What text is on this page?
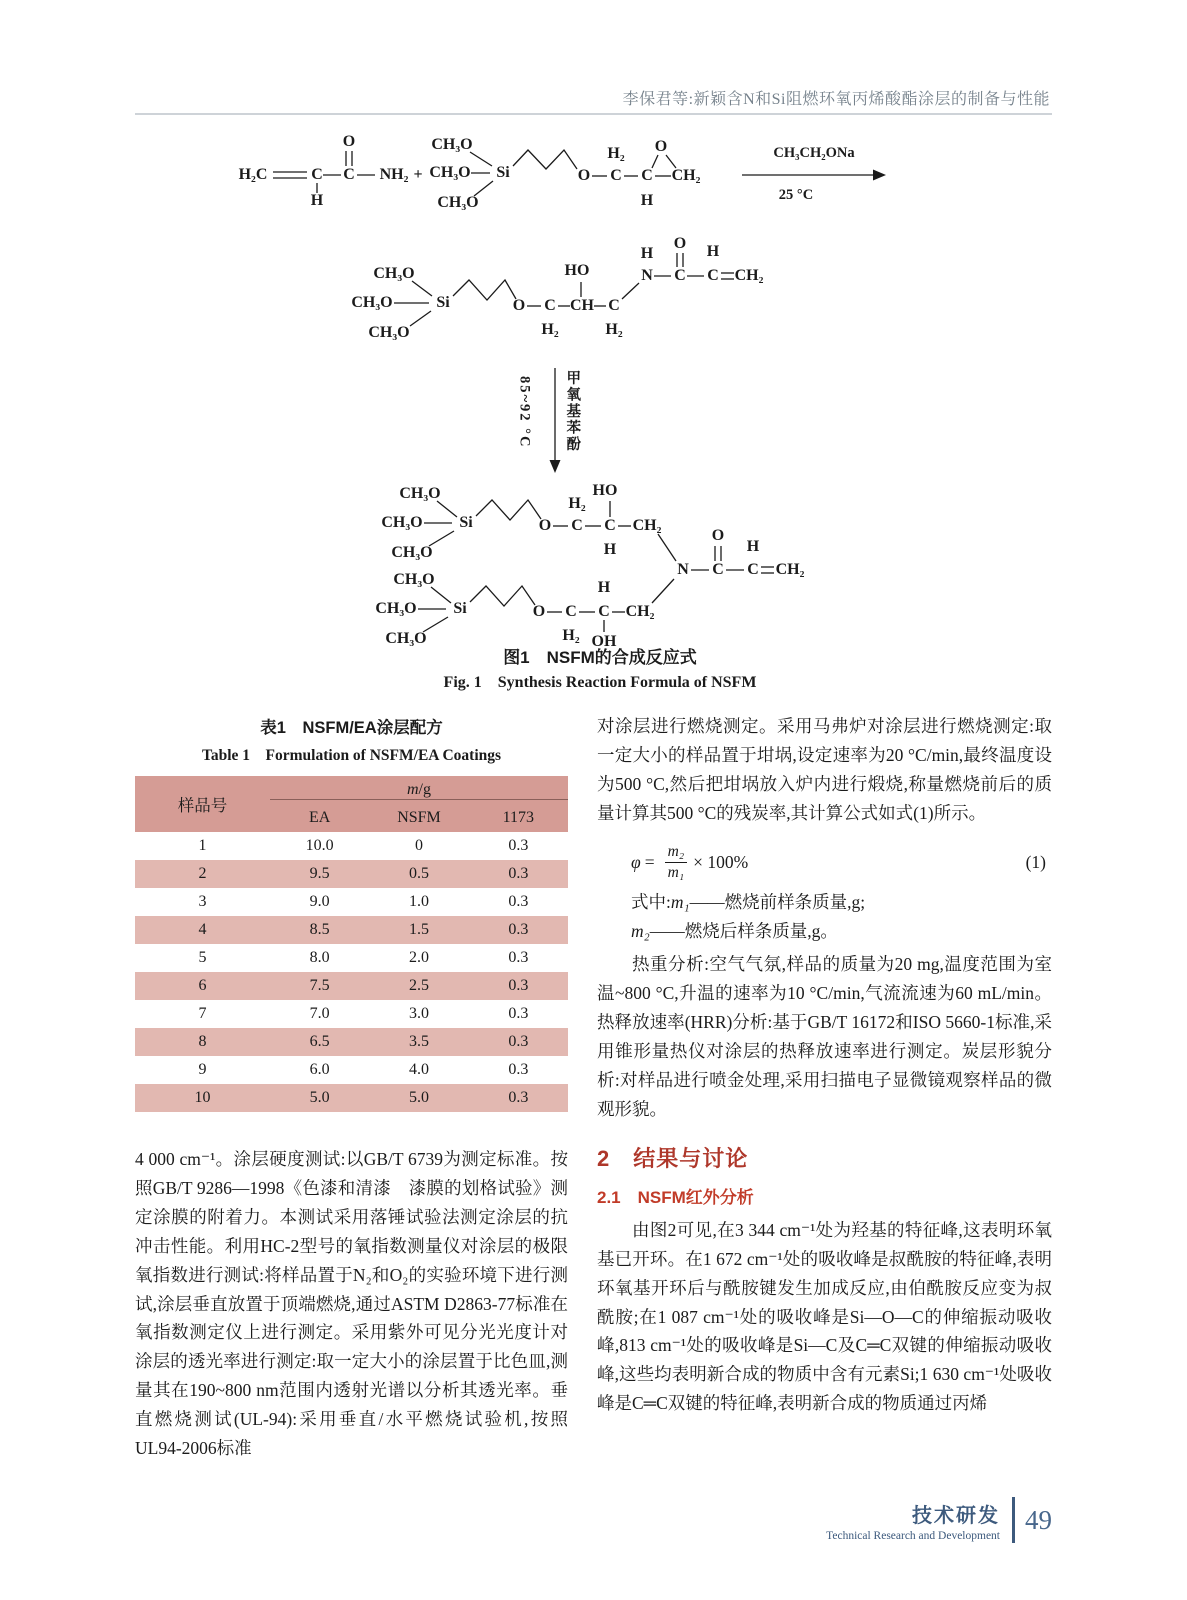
李保君等:新颖含N和Si阻燃环氧丙烯酸酯涂层的制备与性能
图1　NSFM的合成反应式
Fig. 1　Synthesis Reaction Formula of NSFM
H₂C	C C NH₂
O
H
+
CH₃O
CH₃O
CH₃O
Si	O C
H₂
C
H
CH₂
O	CH₃CH₂ONa
25 °C
CH₃O
CH₃O
CH₃O
Si	O C
H₂
CH
HO
C
H₂
N
H
C
O
C
H
CH₂
甲氧基苯酚
85~92 °C
CH₃O
CH₃O
CH₃O
Si	O C
H₂
C
H
HO
CH₂
CH₃O
CH₃O
CH₃O
Si	O C
H₂
C
H
OH
CH₂
N C
O
C
H
CH₂
表1　NSFM/EA涂层配方
Table 1　Formulation of NSFM/EA Coatings
样品号	m/g		
	EA	NSFM	1173
1	10.0	0	0.3
2	9.5	0.5	0.3
3	9.0	1.0	0.3
4	8.5	1.5	0.3
5	8.0	2.0	0.3
6	7.5	2.5	0.3
7	7.0	3.0	0.3
8	6.5	3.5	0.3
9	6.0	4.0	0.3
10	5.0	5.0	0.3

4 000 cm⁻¹。涂层硬度测试:以GB/T 6739为测定标准。按照GB/T 9286—1998《色漆和清漆　漆膜的划格试验》测定涂膜的附着力。本测试采用落锤试验法测定涂层的抗冲击性能。利用HC-2型号的氧指数测量仪对涂层的极限氧指数进行测试:将样品置于N₂和O₂的实验环境下进行测试,涂层垂直放置于顶端燃烧,通过ASTM D2863-77标准在氧指数测定仪上进行测定。采用紫外可见分光光度计对涂层的透光率进行测定:取一定大小的涂层置于比色皿,测量其在190~800 nm范围内透射光谱以分析其透光率。垂直燃烧测试(UL-94):采用垂直/水平燃烧试验机,按照UL94-2006标准

对涂层进行燃烧测定。采用马弗炉对涂层进行燃烧测定:取一定大小的样品置于坩埚,设定速率为20 °C/min,最终温度设为500 °C,然后把坩埚放入炉内进行煅烧,称量燃烧前后的质量计算其500 °C的残炭率,其计算公式如式(1)所示。

$\varphi = \frac{\text{m₂}}{\text{m₁}} \times 100\%$	(1)
式中:m₁——燃烧前样条质量,g;
m₂——燃烧后样条质量,g。

热重分析:空气气氛,样品的质量为20 mg,温度范围为室温~800 °C,升温的速率为10 °C/min,气流流速为60 mL/min。热释放速率(HRR)分析:基于GB/T 16172和ISO 5660-1标准,采用锥形量热仪对涂层的热释放速率进行测定。炭层形貌分析:对样品进行喷金处理,采用扫描电子显微镜观察样品的微观形貌。

2　结果与讨论
2.1　NSFM红外分析

由图2可见,在3 344 cm⁻¹处为羟基的特征峰,这表明环氧基已开环。在1 672 cm⁻¹处的吸收峰是叔酰胺的特征峰,表明环氧基开环后与酰胺键发生加成反应,由伯酰胺反应变为叔酰胺;在1 087 cm⁻¹处的吸收峰是Si—O—C的伸缩振动吸收峰,813 cm⁻¹处的吸收峰是Si—C及C═C双键的伸缩振动吸收峰,这些均表明新合成的物质中含有元素Si;1 630 cm⁻¹处吸收峰是C═C双键的特征峰,表明新合成的物质通过丙烯

技术研发
Technical Research and Development
49
